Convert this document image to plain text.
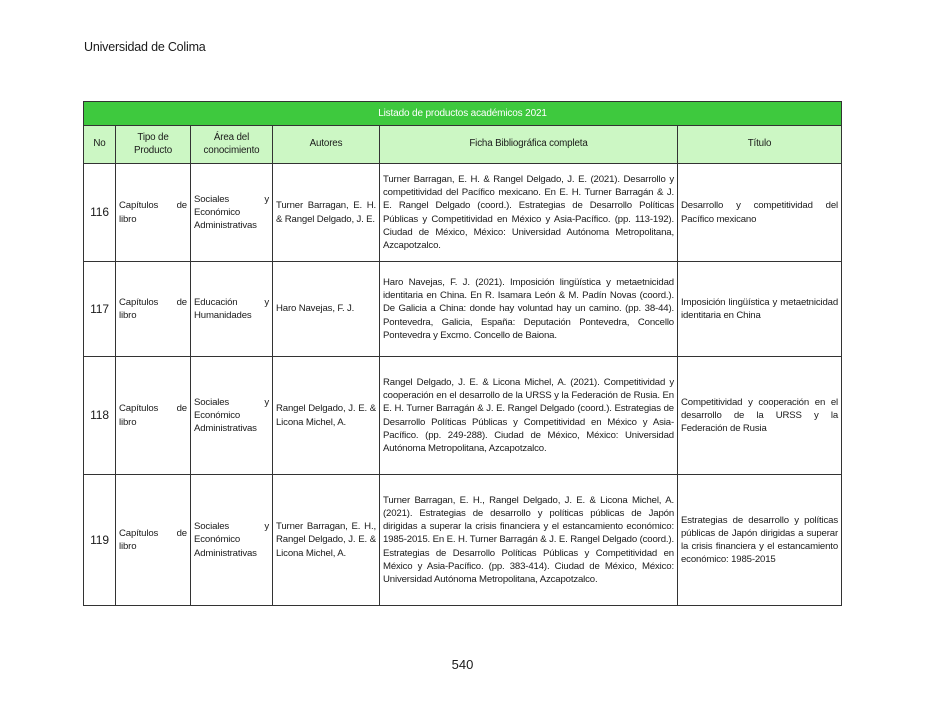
Universidad de Colima
Listado de productos académicos 2021					
No	Tipo de Producto	Área del conocimiento	Autores	Ficha Bibliográfica completa	Título
116	Capítulos de libro	Sociales y Económico Administrativas	Turner Barragan, E. H. & Rangel Delgado, J. E.	Turner Barragan, E. H. & Rangel Delgado, J. E. (2021). Desarrollo y competitividad del Pacífico mexicano. En E. H. Turner Barragán & J. E. Rangel Delgado (coord.). Estrategias de Desarrollo Políticas Públicas y Competitividad en México y Asia-Pacífico. (pp. 113-192). Ciudad de México, México: Universidad Autónoma Metropolitana, Azcapotzalco.	Desarrollo y competitividad del Pacífico mexicano
117	Capítulos de libro	Educación y Humanidades	Haro Navejas, F. J.	Haro Navejas, F. J. (2021). Imposición lingüística y metaetnicidad identitaria en China. En R. Isamara León & M. Padín Novas (coord.). De Galicia a China: donde hay voluntad hay un camino. (pp. 38-44). Pontevedra, Galicia, España: Deputación Pontevedra, Concello Pontevedra y Excmo. Concello de Baiona.	Imposición lingüística y metaetnicidad identitaria en China
118	Capítulos de libro	Sociales y Económico Administrativas	Rangel Delgado, J. E. & Licona Michel, A.	Rangel Delgado, J. E. & Licona Michel, A. (2021). Competitividad y cooperación en el desarrollo de la URSS y la Federación de Rusia. En E. H. Turner Barragán & J. E. Rangel Delgado (coord.). Estrategias de Desarrollo Políticas Públicas y Competitividad en México y Asia-Pacífico. (pp. 249-288). Ciudad de México, México: Universidad Autónoma Metropolitana, Azcapotzalco.	Competitividad y cooperación en el desarrollo de la URSS y la Federación de Rusia
119	Capítulos de libro	Sociales y Económico Administrativas	Turner Barragan, E. H., Rangel Delgado, J. E. & Licona Michel, A.	Turner Barragan, E. H., Rangel Delgado, J. E. & Licona Michel, A. (2021). Estrategias de desarrollo y políticas públicas de Japón dirigidas a superar la crisis financiera y el estancamiento económico: 1985-2015. En E. H. Turner Barragán & J. E. Rangel Delgado (coord.). Estrategias de Desarrollo Políticas Públicas y Competitividad en México y Asia-Pacífico. (pp. 383-414). Ciudad de México, México: Universidad Autónoma Metropolitana, Azcapotzalco.	Estrategias de desarrollo y políticas públicas de Japón dirigidas a superar la crisis financiera y el estancamiento económico: 1985-2015
540
